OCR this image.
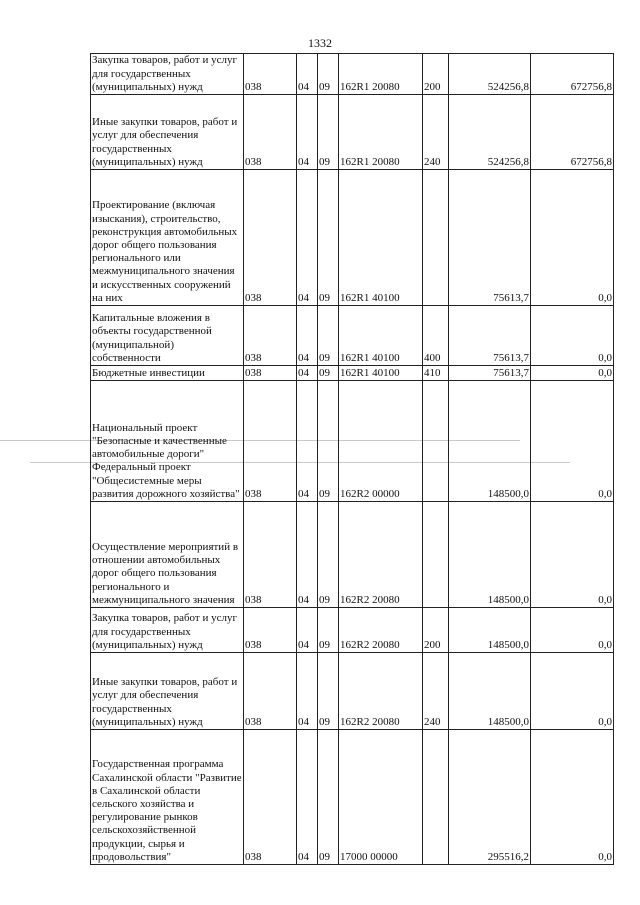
1332
Закупка товаров, работ и услуг для государственных (муниципальных) нужд	038	04	09	162R1 20080	200	524256,8	672756,8
Иные закупки товаров, работ и услуг для обеспечения государственных (муниципальных) нужд	038	04	09	162R1 20080	240	524256,8	672756,8
Проектирование (включая изыскания), строительство, реконструкция автомобильных дорог общего пользования регионального или межмуниципального значения и искусственных сооружений на них	038	04	09	162R1 40100		75613,7	0,0
Капитальные вложения в объекты государственной (муниципальной) собственности	038	04	09	162R1 40100	400	75613,7	0,0
Бюджетные инвестиции	038	04	09	162R1 40100	410	75613,7	0,0
Национальный проект "Безопасные и качественные автомобильные дороги" Федеральный проект "Общесистемные меры развития дорожного хозяйства"	038	04	09	162R2 00000		148500,0	0,0
Осуществление мероприятий в отношении автомобильных дорог общего пользования регионального и межмуниципального значения	038	04	09	162R2 20080		148500,0	0,0
Закупка товаров, работ и услуг для государственных (муниципальных) нужд	038	04	09	162R2 20080	200	148500,0	0,0
Иные закупки товаров, работ и услуг для обеспечения государственных (муниципальных) нужд	038	04	09	162R2 20080	240	148500,0	0,0
Государственная программа Сахалинской области "Развитие в Сахалинской области сельского хозяйства и регулирование рынков сельскохозяйственной продукции, сырья и продовольствия"	038	04	09	17000 00000		295516,2	0,0
